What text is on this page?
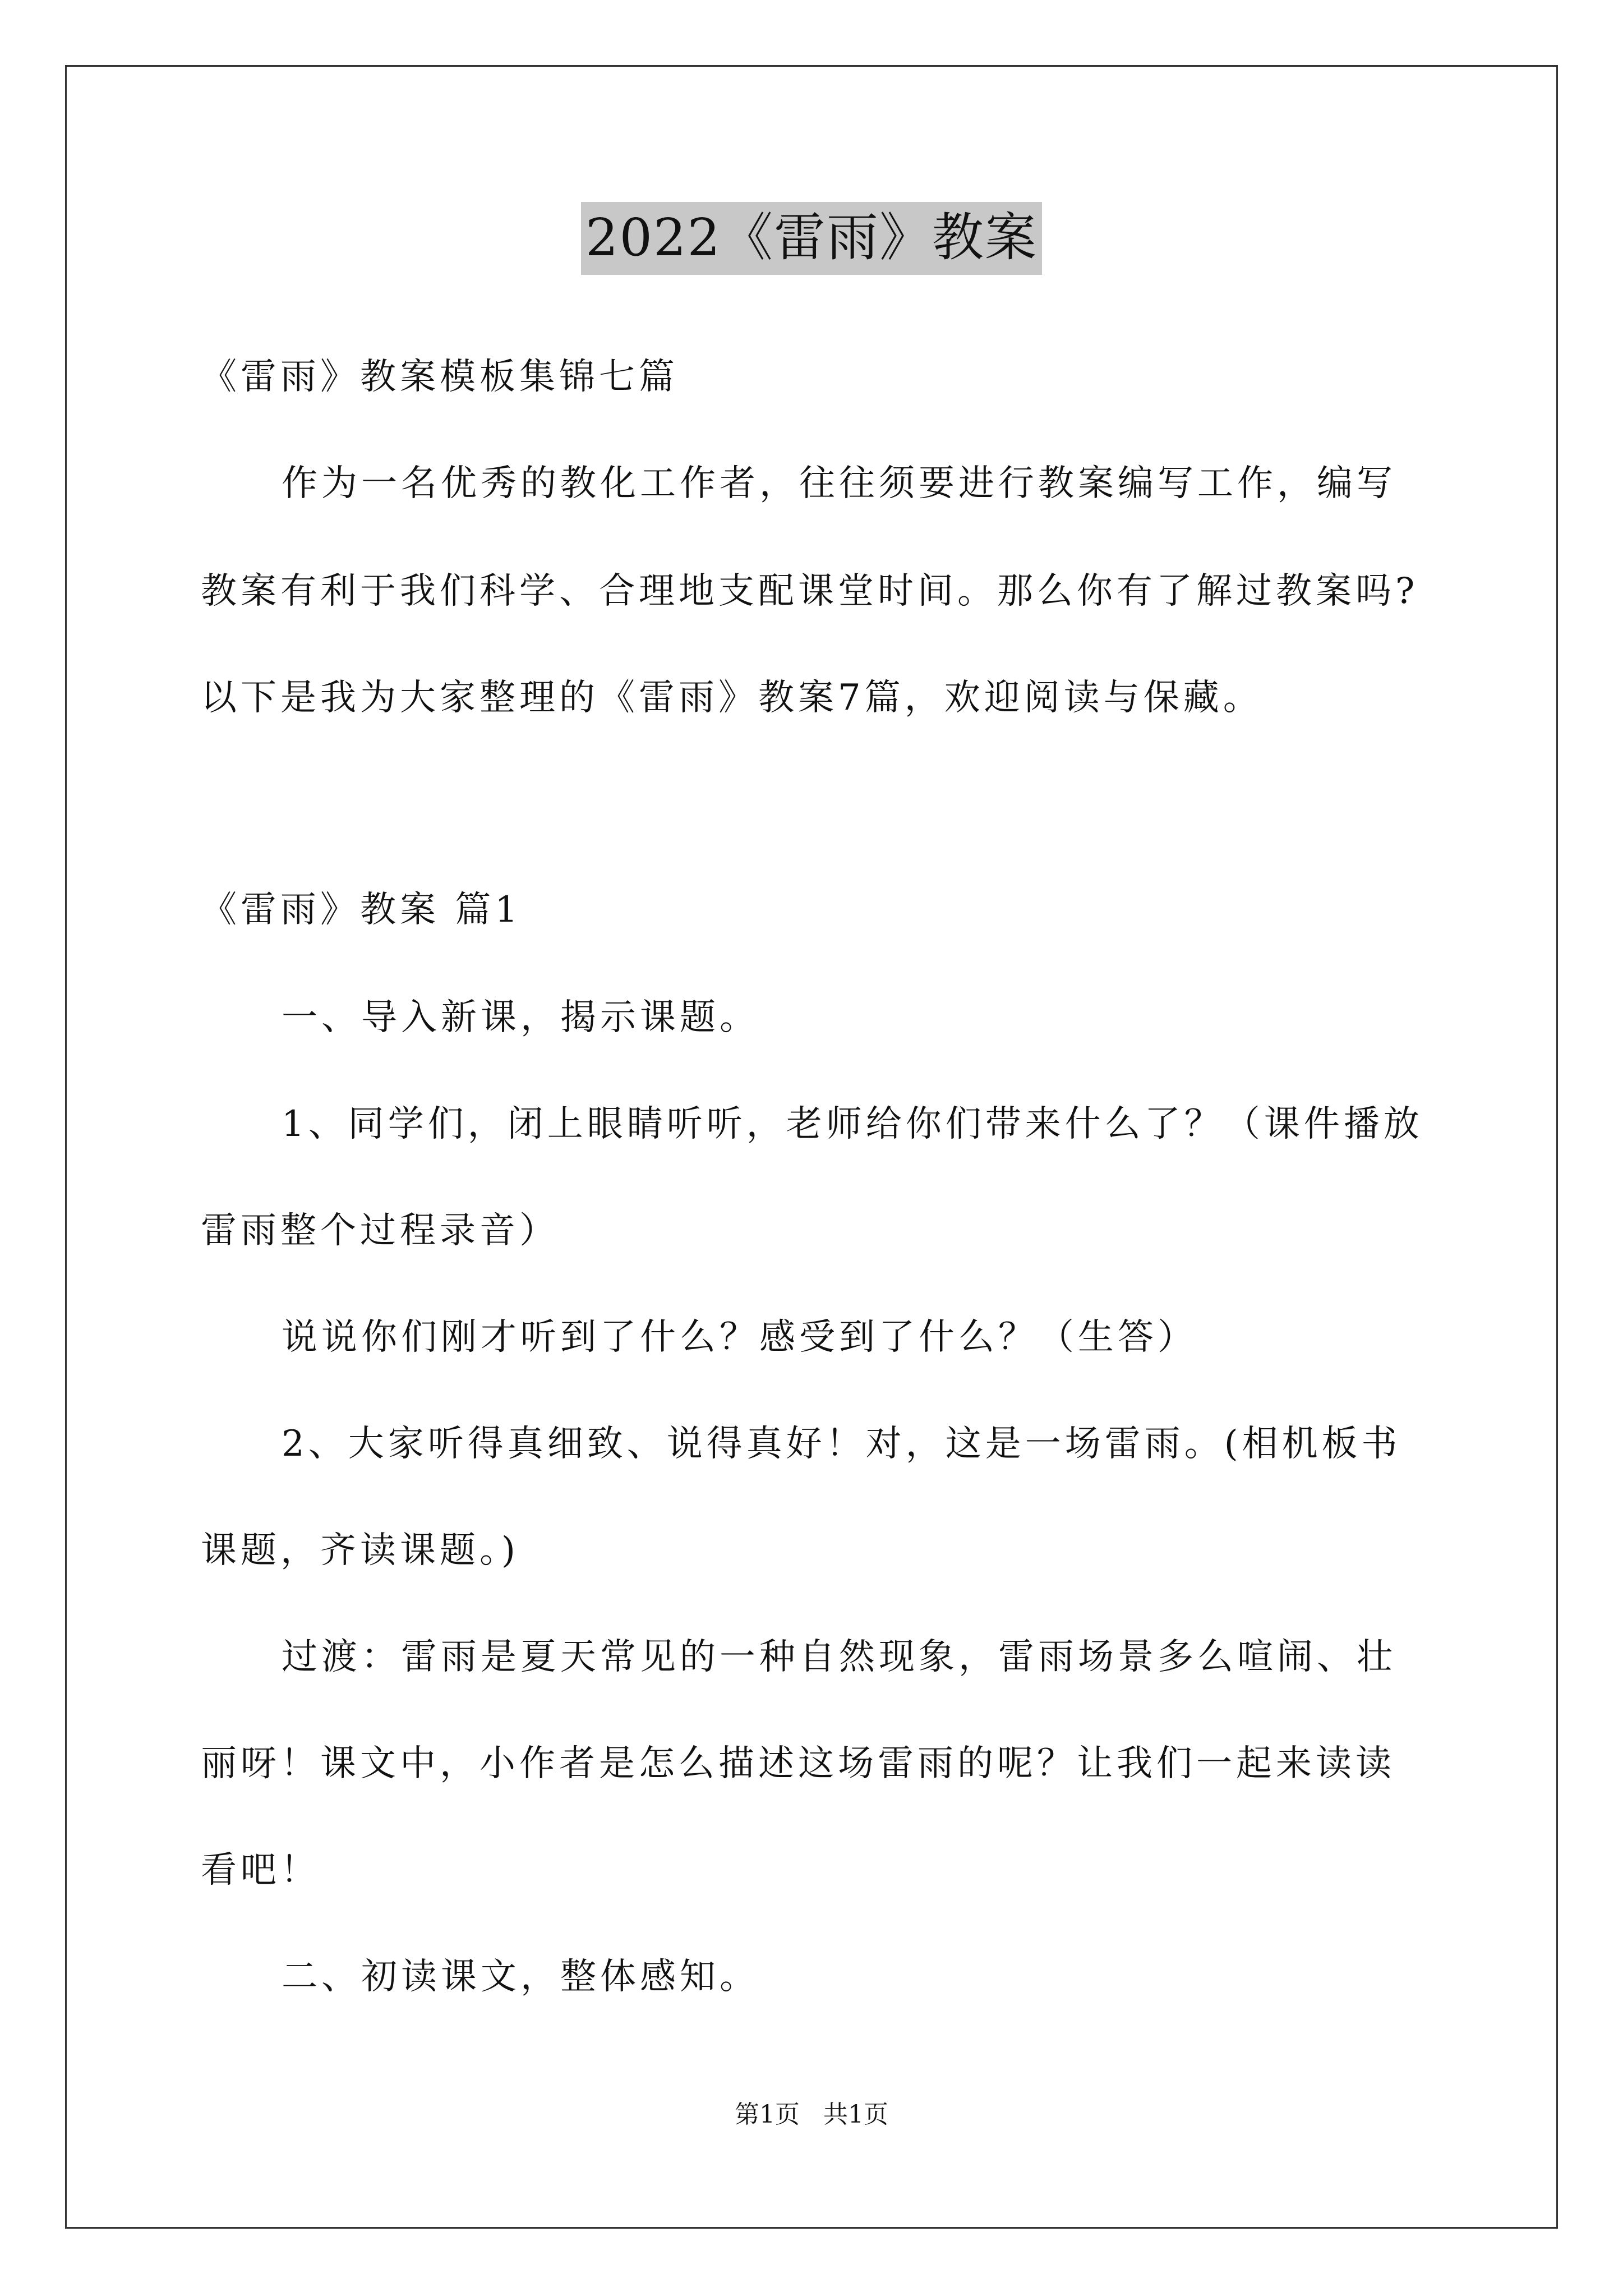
2022《雷雨》教案
《雷雨》教案模板集锦七篇
作为一名优秀的教化工作者，往往须要进行教案编写工作，编写
教案有利于我们科学、合理地支配课堂时间。那么你有了解过教案吗?
以下是我为大家整理的《雷雨》教案7篇，欢迎阅读与保藏。
《雷雨》教案 篇1
一、导入新课，揭示课题。
1、同学们，闭上眼睛听听，老师给你们带来什么了？（课件播放
雷雨整个过程录音）
说说你们刚才听到了什么？感受到了什么？（生答）
2、大家听得真细致、说得真好！对，这是一场雷雨。(相机板书
课题，齐读课题。)
过渡：雷雨是夏天常见的一种自然现象，雷雨场景多么喧闹、壮
丽呀！课文中，小作者是怎么描述这场雷雨的呢？让我们一起来读读
看吧！
二、初读课文，整体感知。
第1页   共1页
